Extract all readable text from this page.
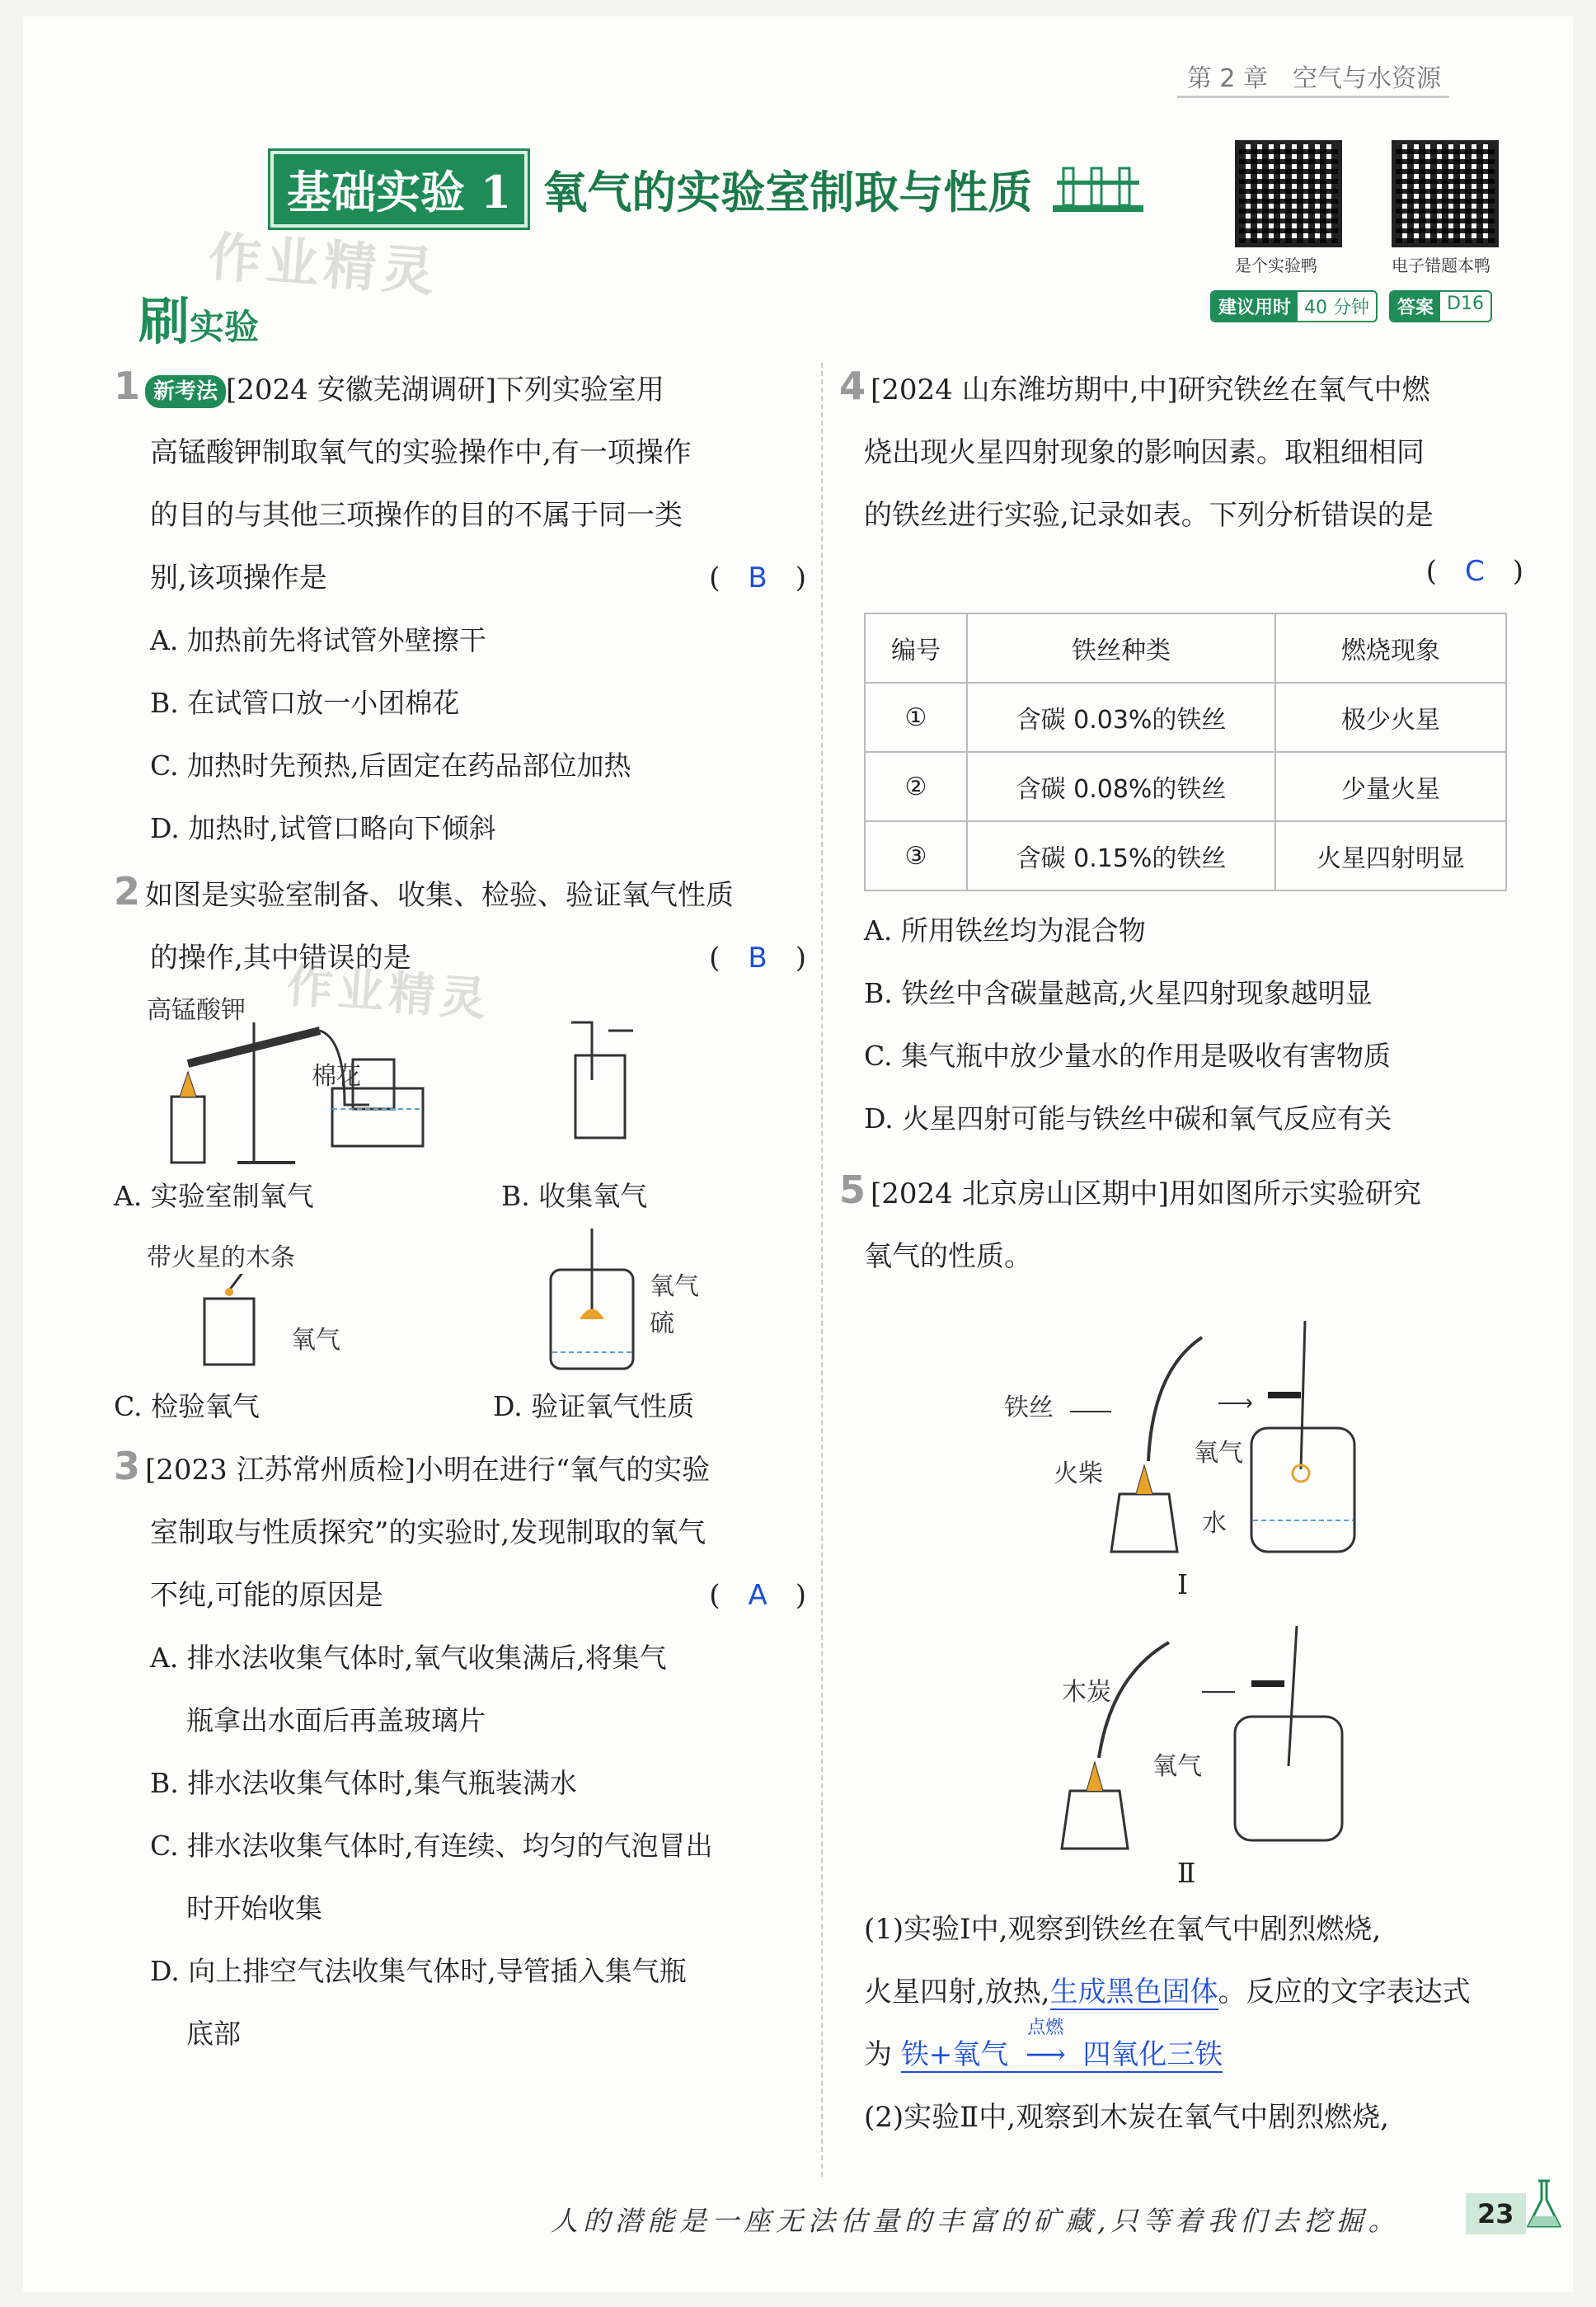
第 2 章　空气与水资源
基础实验 1 氧气的实验室制取与性质
是个实验鸭	电子错题本鸭
刷实验
作业精灵
建议用时 40 分钟	答案 D16
1 新考法 [2024 安徽芜湖调研]下列实验室用
高锰酸钾制取氧气的实验操作中,有一项操作
的目的与其他三项操作的目的不属于同一类
别,该项操作是	(　B　)
A. 加热前先将试管外壁擦干
B. 在试管口放一小团棉花
C. 加热时先预热,后固定在药品部位加热
D. 加热时,试管口略向下倾斜
2 如图是实验室制备、收集、检验、验证氧气性质
的操作,其中错误的是	(　B　)
作业精灵
高锰酸钾
棉花
A. 实验室制氧气	B. 收集氧气
带火星的木条
氧气
C. 检验氧气
氧气
硫
D. 验证氧气性质
3 [2023 江苏常州质检]小明在进行“氧气的实验
室制取与性质探究”的实验时,发现制取的氧气
不纯,可能的原因是	(　A　)
A. 排水法收集气体时,氧气收集满后,将集气
瓶拿出水面后再盖玻璃片
B. 排水法收集气体时,集气瓶装满水
C. 排水法收集气体时,有连续、均匀的气泡冒出
时开始收集
D. 向上排空气法收集气体时,导管插入集气瓶
底部
4 [2024 山东潍坊期中,中]研究铁丝在氧气中燃
烧出现火星四射现象的影响因素。取粗细相同
的铁丝进行实验,记录如表。下列分析错误的是
(　C　)
编号	铁丝种类	燃烧现象
①	含碳 0.03%的铁丝	极少火星
②	含碳 0.08%的铁丝	少量火星
③	含碳 0.15%的铁丝	火星四射明显
A. 所用铁丝均为混合物
B. 铁丝中含碳量越高,火星四射现象越明显
C. 集气瓶中放少量水的作用是吸收有害物质
D. 火星四射可能与铁丝中碳和氧气反应有关
5 [2024 北京房山区期中]用如图所示实验研究
氧气的性质。
铁丝
火柴
氧气
水
Ⅰ
木炭
氧气
Ⅱ
(1)实验Ⅰ中,观察到铁丝在氧气中剧烈燃烧,
火星四射,放热,生成黑色固体。反应的文字表达式
为 铁+氧气
点燃
⟶ 四氧化三铁
(2)实验Ⅱ中,观察到木炭在氧气中剧烈燃烧,
人的潜能是一座无法估量的丰富的矿藏,只等着我们去挖掘。	23
